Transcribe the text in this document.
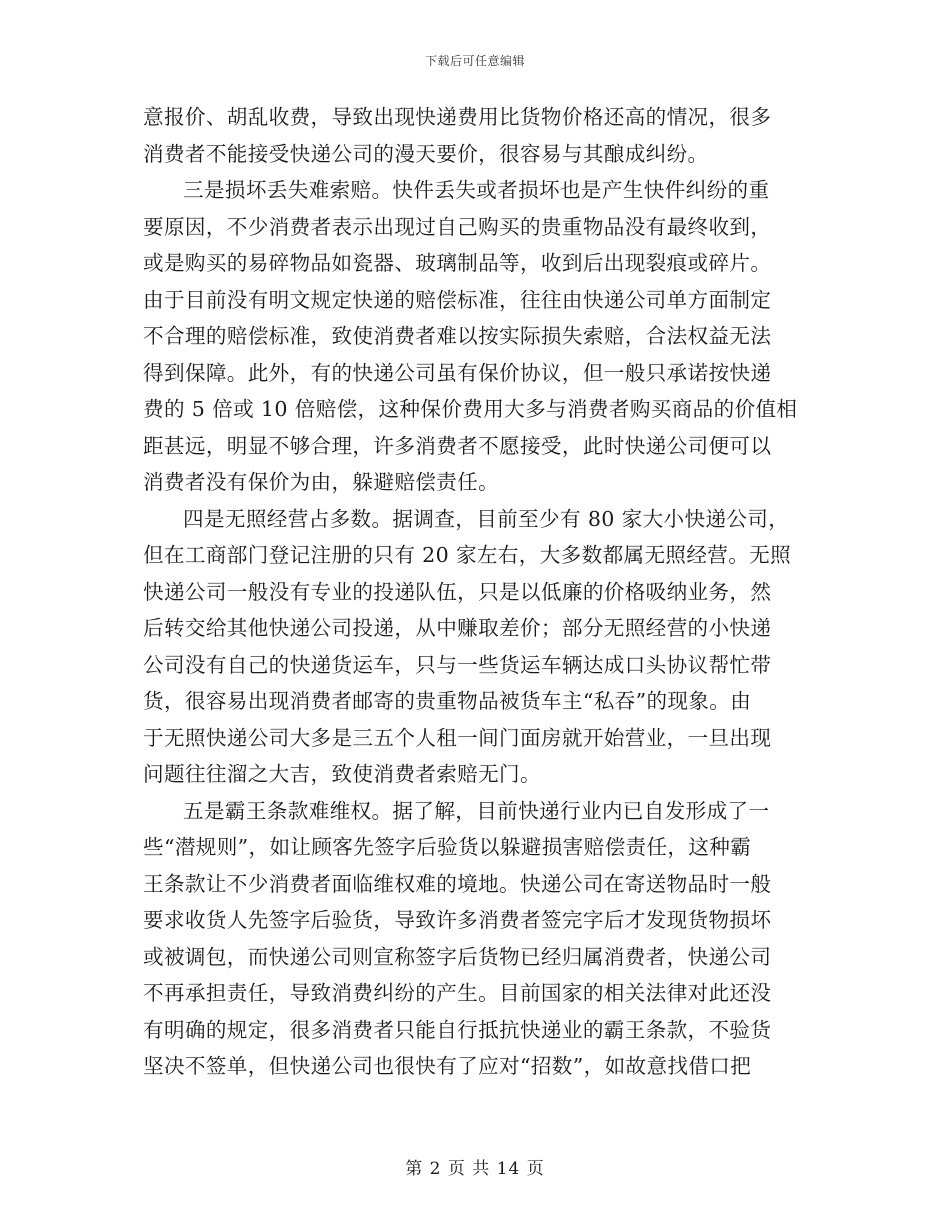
下载后可任意编辑
意报价、胡乱收费，导致出现快递费用比货物价格还高的情况，很多
消费者不能接受快递公司的漫天要价，很容易与其酿成纠纷。
三是损坏丢失难索赔。快件丢失或者损坏也是产生快件纠纷的重
要原因，不少消费者表示出现过自己购买的贵重物品没有最终收到，
或是购买的易碎物品如瓷器、玻璃制品等，收到后出现裂痕或碎片。
由于目前没有明文规定快递的赔偿标准，往往由快递公司单方面制定
不合理的赔偿标准，致使消费者难以按实际损失索赔，合法权益无法
得到保障。此外，有的快递公司虽有保价协议，但一般只承诺按快递
费的 5 倍或 10 倍赔偿，这种保价费用大多与消费者购买商品的价值相
距甚远，明显不够合理，许多消费者不愿接受，此时快递公司便可以
消费者没有保价为由，躲避赔偿责任。
四是无照经营占多数。据调查，目前至少有 80 家大小快递公司，
但在工商部门登记注册的只有 20 家左右，大多数都属无照经营。无照
快递公司一般没有专业的投递队伍，只是以低廉的价格吸纳业务，然
后转交给其他快递公司投递，从中赚取差价；部分无照经营的小快递
公司没有自己的快递货运车，只与一些货运车辆达成口头协议帮忙带
货，很容易出现消费者邮寄的贵重物品被货车主“私吞”的现象。由
于无照快递公司大多是三五个人租一间门面房就开始营业，一旦出现
问题往往溜之大吉，致使消费者索赔无门。
五是霸王条款难维权。据了解，目前快递行业内已自发形成了一
些“潜规则”，如让顾客先签字后验货以躲避损害赔偿责任，这种霸
王条款让不少消费者面临维权难的境地。快递公司在寄送物品时一般
要求收货人先签字后验货，导致许多消费者签完字后才发现货物损坏
或被调包，而快递公司则宣称签字后货物已经归属消费者，快递公司
不再承担责任，导致消费纠纷的产生。目前国家的相关法律对此还没
有明确的规定，很多消费者只能自行抵抗快递业的霸王条款，不验货
坚决不签单，但快递公司也很快有了应对“招数”，如故意找借口把
第 2 页 共 14 页
